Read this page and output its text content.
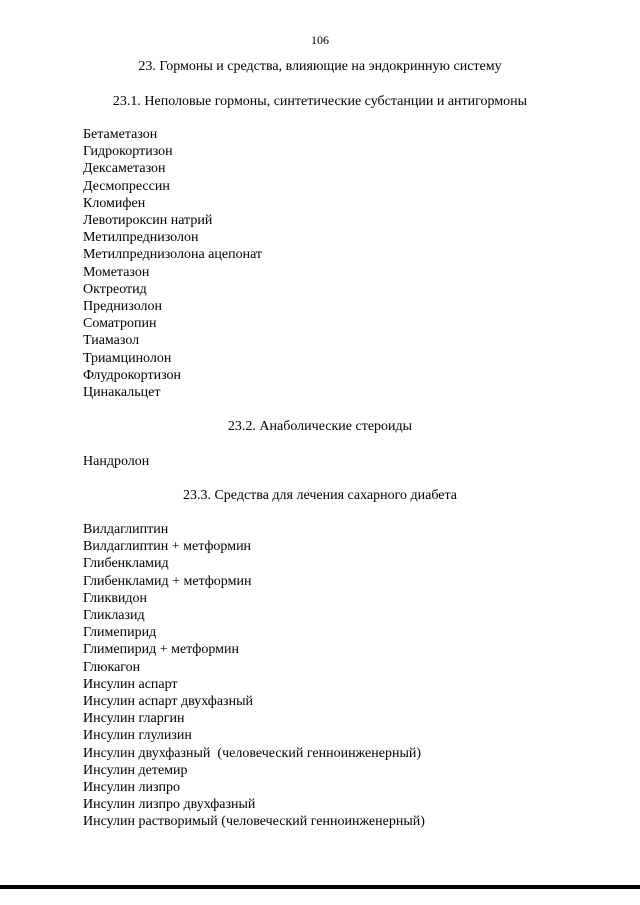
106
23. Гормоны и средства, влияющие на эндокринную систему
23.1. Неполовые гормоны, синтетические субстанции и антигормоны
Бетаметазон
Гидрокортизон
Дексаметазон
Десмопрессин
Кломифен
Левотироксин натрий
Метилпреднизолон
Метилпреднизолона ацепонат
Мометазон
Октреотид
Преднизолон
Соматропин
Тиамазол
Триамцинолон
Флудрокортизон
Цинакальцет
23.2. Анаболические стероиды
Нандролон
23.3. Средства для лечения сахарного диабета
Вилдаглиптин
Вилдаглиптин + метформин
Глибенкламид
Глибенкламид + метформин
Гликвидон
Гликлазид
Глимепирид
Глимепирид + метформин
Глюкагон
Инсулин аспарт
Инсулин аспарт двухфазный
Инсулин гларгин
Инсулин глулизин
Инсулин двухфазный  (человеческий генноинженерный)
Инсулин детемир
Инсулин лизпро
Инсулин лизпро двухфазный
Инсулин растворимый (человеческий генноинженерный)
